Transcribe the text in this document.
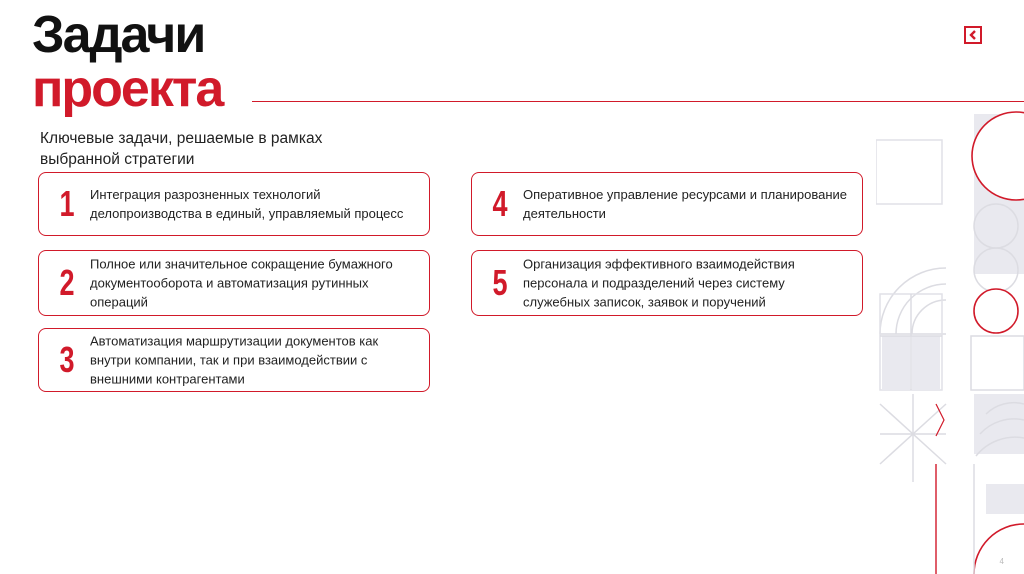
Задачи
проекта

Ключевые задачи, решаемые в рамках выбранной стратегии

1 Интеграция разрозненных технологий делопроизводства в единый, управляемый процесс
2 Полное или значительное сокращение бумажного документооборота и автоматизация рутинных операций
3 Автоматизация маршрутизации документов как внутри компании, так и при взаимодействии с внешними контрагентами
4 Оперативное управление ресурсами и планирование деятельности
5 Организация эффективного взаимодействия персонала и подразделений через систему служебных записок, заявок и поручений
4
